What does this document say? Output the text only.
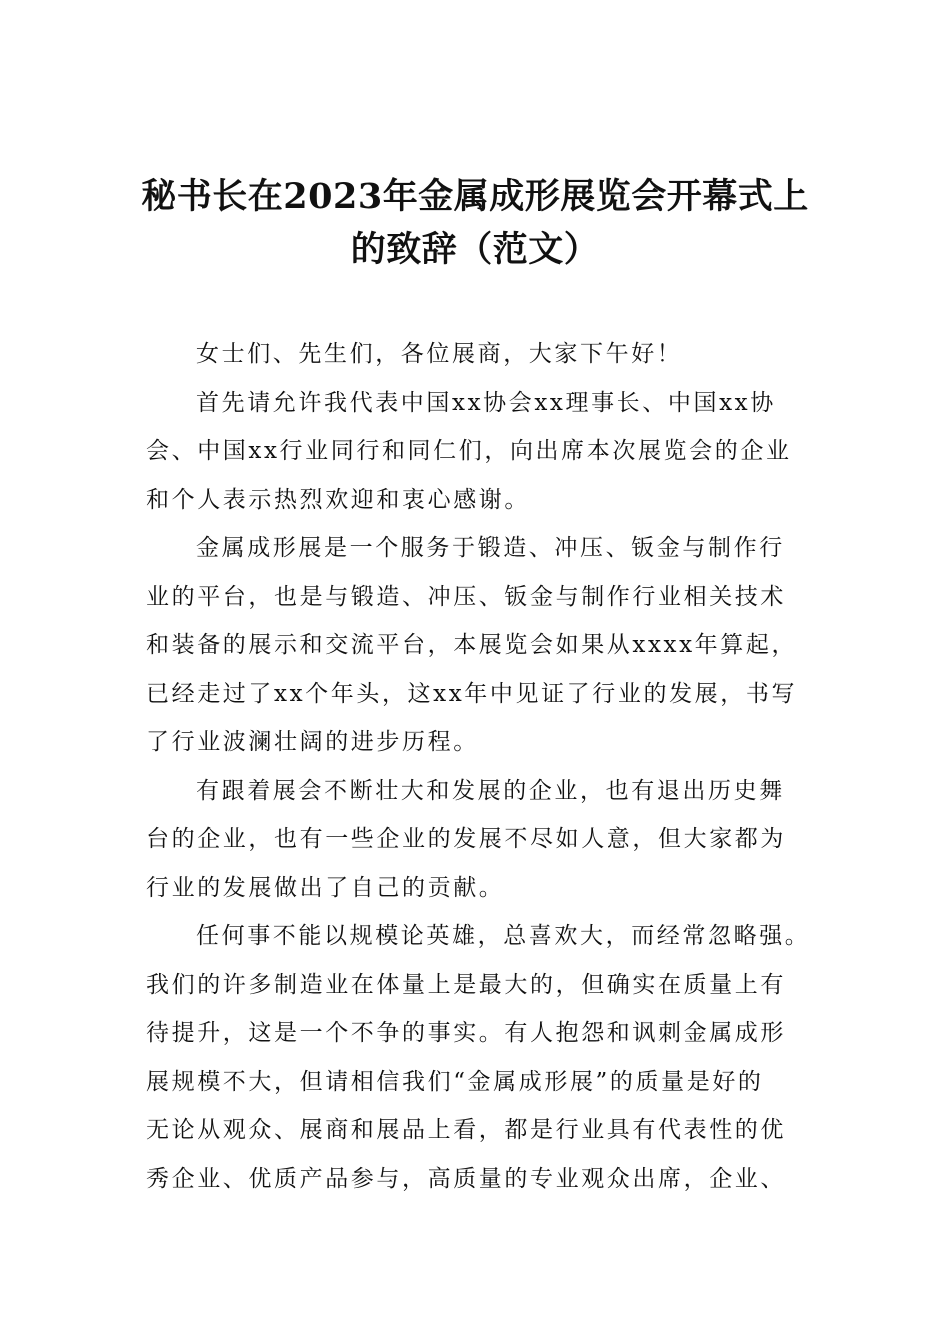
秘书长在2023年金属成形展览会开幕式上
的致辞（范文）
女士们、先生们，各位展商，大家下午好！
首先请允许我代表中国xx协会xx理事长、中国xx协
会、中国xx行业同行和同仁们，向出席本次展览会的企业
和个人表示热烈欢迎和衷心感谢。
金属成形展是一个服务于锻造、冲压、钣金与制作行
业的平台，也是与锻造、冲压、钣金与制作行业相关技术
和装备的展示和交流平台，本展览会如果从xxxx年算起，
已经走过了xx个年头，这xx年中见证了行业的发展，书写
了行业波澜壮阔的进步历程。
有跟着展会不断壮大和发展的企业，也有退出历史舞
台的企业，也有一些企业的发展不尽如人意，但大家都为
行业的发展做出了自己的贡献。
任何事不能以规模论英雄，总喜欢大，而经常忽略强。
我们的许多制造业在体量上是最大的，但确实在质量上有
待提升，这是一个不争的事实。有人抱怨和讽刺金属成形
展规模不大，但请相信我们“金属成形展”的质量是好的
无论从观众、展商和展品上看，都是行业具有代表性的优
秀企业、优质产品参与，高质量的专业观众出席，企业、
